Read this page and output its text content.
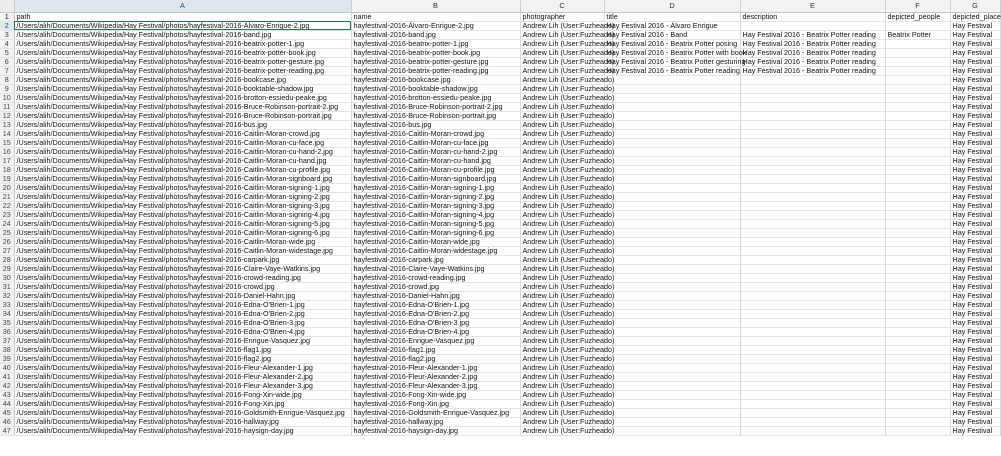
	A	B	C	D	E	F	G
1	path	name	photographer	title	description	depicted_people	depicted_place
2	/Users/alih/Documents/Wikipedia/Hay Festival/photos/hayfestival-2016-Álvaro-Enrigue-2.jpg	hayfestival-2016-Álvaro-Enrigue-2.jpg	Andrew Lih (User:Fuzheado)	Hay Festival 2016 - Álvaro Enrigue			Hay Festival
3	/Users/alih/Documents/Wikipedia/Hay Festival/photos/hayfestival-2016-band.jpg	hayfestival-2016-band.jpg	Andrew Lih (User:Fuzheado)	Hay Festival 2016 - Band	Hay Festival 2016 - Beatrix Potter reading	Beatrix Potter	Hay Festival
4	/Users/alih/Documents/Wikipedia/Hay Festival/photos/hayfestival-2016-beatrix-potter-1.jpg	hayfestival-2016-beatrix-potter-1.jpg	Andrew Lih (User:Fuzheado)	Hay Festival 2016 - Beatrix Potter posing	Hay Festival 2016 - Beatrix Potter reading		Hay Festival
5	/Users/alih/Documents/Wikipedia/Hay Festival/photos/hayfestival-2016-beatrix-potter-book.jpg	hayfestival-2016-beatrix-potter-book.jpg	Andrew Lih (User:Fuzheado)	Hay Festival 2016 - Beatrix Potter with book	Hay Festival 2016 - Beatrix Potter reading		Hay Festival
6	/Users/alih/Documents/Wikipedia/Hay Festival/photos/hayfestival-2016-beatrix-potter-gesture.jpg	hayfestival-2016-beatrix-potter-gesture.jpg	Andrew Lih (User:Fuzheado)	Hay Festival 2016 - Beatrix Potter gesturing	Hay Festival 2016 - Beatrix Potter reading		Hay Festival
7	/Users/alih/Documents/Wikipedia/Hay Festival/photos/hayfestival-2016-beatrix-potter-reading.jpg	hayfestival-2016-beatrix-potter-reading.jpg	Andrew Lih (User:Fuzheado)	Hay Festival 2016 - Beatrix Potter reading	Hay Festival 2016 - Beatrix Potter reading		Hay Festival
8	/Users/alih/Documents/Wikipedia/Hay Festival/photos/hayfestival-2016-bookcase.jpg	hayfestival-2016-bookcase.jpg	Andrew Lih (User:Fuzheado)				Hay Festival
9	/Users/alih/Documents/Wikipedia/Hay Festival/photos/hayfestival-2016-booktable-shadow.jpg	hayfestival-2016-booktable-shadow.jpg	Andrew Lih (User:Fuzheado)				Hay Festival
10	/Users/alih/Documents/Wikipedia/Hay Festival/photos/hayfestival-2016-brotton-essiedu-peake.jpg	hayfestival-2016-brotton-essiedu-peake.jpg	Andrew Lih (User:Fuzheado)				Hay Festival
11	/Users/alih/Documents/Wikipedia/Hay Festival/photos/hayfestival-2016-Bruce-Robinson-portrait-2.jpg	hayfestival-2016-Bruce-Robinson-portrait-2.jpg	Andrew Lih (User:Fuzheado)				Hay Festival
12	/Users/alih/Documents/Wikipedia/Hay Festival/photos/hayfestival-2016-Bruce-Robinson-portrait.jpg	hayfestival-2016-Bruce-Robinson-portrait.jpg	Andrew Lih (User:Fuzheado)				Hay Festival
13	/Users/alih/Documents/Wikipedia/Hay Festival/photos/hayfestival-2016-bus.jpg	hayfestival-2016-bus.jpg	Andrew Lih (User:Fuzheado)				Hay Festival
14	/Users/alih/Documents/Wikipedia/Hay Festival/photos/hayfestival-2016-Caitlin-Moran-crowd.jpg	hayfestival-2016-Caitlin-Moran-crowd.jpg	Andrew Lih (User:Fuzheado)				Hay Festival
15	/Users/alih/Documents/Wikipedia/Hay Festival/photos/hayfestival-2016-Caitlin-Moran-cu-face.jpg	hayfestival-2016-Caitlin-Moran-cu-face.jpg	Andrew Lih (User:Fuzheado)				Hay Festival
16	/Users/alih/Documents/Wikipedia/Hay Festival/photos/hayfestival-2016-Caitlin-Moran-cu-hand-2.jpg	hayfestival-2016-Caitlin-Moran-cu-hand-2.jpg	Andrew Lih (User:Fuzheado)				Hay Festival
17	/Users/alih/Documents/Wikipedia/Hay Festival/photos/hayfestival-2016-Caitlin-Moran-cu-hand.jpg	hayfestival-2016-Caitlin-Moran-cu-hand.jpg	Andrew Lih (User:Fuzheado)				Hay Festival
18	/Users/alih/Documents/Wikipedia/Hay Festival/photos/hayfestival-2016-Caitlin-Moran-cu-profile.jpg	hayfestival-2016-Caitlin-Moran-cu-profile.jpg	Andrew Lih (User:Fuzheado)				Hay Festival
19	/Users/alih/Documents/Wikipedia/Hay Festival/photos/hayfestival-2016-Caitlin-Moran-signboard.jpg	hayfestival-2016-Caitlin-Moran-signboard.jpg	Andrew Lih (User:Fuzheado)				Hay Festival
20	/Users/alih/Documents/Wikipedia/Hay Festival/photos/hayfestival-2016-Caitlin-Moran-signing-1.jpg	hayfestival-2016-Caitlin-Moran-signing-1.jpg	Andrew Lih (User:Fuzheado)				Hay Festival
21	/Users/alih/Documents/Wikipedia/Hay Festival/photos/hayfestival-2016-Caitlin-Moran-signing-2.jpg	hayfestival-2016-Caitlin-Moran-signing-2.jpg	Andrew Lih (User:Fuzheado)				Hay Festival
22	/Users/alih/Documents/Wikipedia/Hay Festival/photos/hayfestival-2016-Caitlin-Moran-signing-3.jpg	hayfestival-2016-Caitlin-Moran-signing-3.jpg	Andrew Lih (User:Fuzheado)				Hay Festival
23	/Users/alih/Documents/Wikipedia/Hay Festival/photos/hayfestival-2016-Caitlin-Moran-signing-4.jpg	hayfestival-2016-Caitlin-Moran-signing-4.jpg	Andrew Lih (User:Fuzheado)				Hay Festival
24	/Users/alih/Documents/Wikipedia/Hay Festival/photos/hayfestival-2016-Caitlin-Moran-signing-5.jpg	hayfestival-2016-Caitlin-Moran-signing-5.jpg	Andrew Lih (User:Fuzheado)				Hay Festival
25	/Users/alih/Documents/Wikipedia/Hay Festival/photos/hayfestival-2016-Caitlin-Moran-signing-6.jpg	hayfestival-2016-Caitlin-Moran-signing-6.jpg	Andrew Lih (User:Fuzheado)				Hay Festival
26	/Users/alih/Documents/Wikipedia/Hay Festival/photos/hayfestival-2016-Caitlin-Moran-wide.jpg	hayfestival-2016-Caitlin-Moran-wide.jpg	Andrew Lih (User:Fuzheado)				Hay Festival
27	/Users/alih/Documents/Wikipedia/Hay Festival/photos/hayfestival-2016-Caitlin-Moran-widestage.jpg	hayfestival-2016-Caitlin-Moran-widestage.jpg	Andrew Lih (User:Fuzheado)				Hay Festival
28	/Users/alih/Documents/Wikipedia/Hay Festival/photos/hayfestival-2016-carpark.jpg	hayfestival-2016-carpark.jpg	Andrew Lih (User:Fuzheado)				Hay Festival
29	/Users/alih/Documents/Wikipedia/Hay Festival/photos/hayfestival-2016-Claire-Vaye-Watkins.jpg	hayfestival-2016-Claire-Vaye-Watkins.jpg	Andrew Lih (User:Fuzheado)				Hay Festival
30	/Users/alih/Documents/Wikipedia/Hay Festival/photos/hayfestival-2016-crowd-reading.jpg	hayfestival-2016-crowd-reading.jpg	Andrew Lih (User:Fuzheado)				Hay Festival
31	/Users/alih/Documents/Wikipedia/Hay Festival/photos/hayfestival-2016-crowd.jpg	hayfestival-2016-crowd.jpg	Andrew Lih (User:Fuzheado)				Hay Festival
32	/Users/alih/Documents/Wikipedia/Hay Festival/photos/hayfestival-2016-Daniel-Hahn.jpg	hayfestival-2016-Daniel-Hahn.jpg	Andrew Lih (User:Fuzheado)				Hay Festival
33	/Users/alih/Documents/Wikipedia/Hay Festival/photos/hayfestival-2016-Edna-O'Brien-1.jpg	hayfestival-2016-Edna-O'Brien-1.jpg	Andrew Lih (User:Fuzheado)				Hay Festival
34	/Users/alih/Documents/Wikipedia/Hay Festival/photos/hayfestival-2016-Edna-O'Brien-2.jpg	hayfestival-2016-Edna-O'Brien-2.jpg	Andrew Lih (User:Fuzheado)				Hay Festival
35	/Users/alih/Documents/Wikipedia/Hay Festival/photos/hayfestival-2016-Edna-O'Brien-3.jpg	hayfestival-2016-Edna-O'Brien-3.jpg	Andrew Lih (User:Fuzheado)				Hay Festival
36	/Users/alih/Documents/Wikipedia/Hay Festival/photos/hayfestival-2016-Edna-O'Brien-4.jpg	hayfestival-2016-Edna-O'Brien-4.jpg	Andrew Lih (User:Fuzheado)				Hay Festival
37	/Users/alih/Documents/Wikipedia/Hay Festival/photos/hayfestival-2016-Enrigue-Vasquez.jpg	hayfestival-2016-Enrigue-Vasquez.jpg	Andrew Lih (User:Fuzheado)				Hay Festival
38	/Users/alih/Documents/Wikipedia/Hay Festival/photos/hayfestival-2016-flag1.jpg	hayfestival-2016-flag1.jpg	Andrew Lih (User:Fuzheado)				Hay Festival
39	/Users/alih/Documents/Wikipedia/Hay Festival/photos/hayfestival-2016-flag2.jpg	hayfestival-2016-flag2.jpg	Andrew Lih (User:Fuzheado)				Hay Festival
40	/Users/alih/Documents/Wikipedia/Hay Festival/photos/hayfestival-2016-Fleur-Alexander-1.jpg	hayfestival-2016-Fleur-Alexander-1.jpg	Andrew Lih (User:Fuzheado)				Hay Festival
41	/Users/alih/Documents/Wikipedia/Hay Festival/photos/hayfestival-2016-Fleur-Alexander-2.jpg	hayfestival-2016-Fleur-Alexander-2.jpg	Andrew Lih (User:Fuzheado)				Hay Festival
42	/Users/alih/Documents/Wikipedia/Hay Festival/photos/hayfestival-2016-Fleur-Alexander-3.jpg	hayfestival-2016-Fleur-Alexander-3.jpg	Andrew Lih (User:Fuzheado)				Hay Festival
43	/Users/alih/Documents/Wikipedia/Hay Festival/photos/hayfestival-2016-Fong-Xin-wide.jpg	hayfestival-2016-Fong-Xin-wide.jpg	Andrew Lih (User:Fuzheado)				Hay Festival
44	/Users/alih/Documents/Wikipedia/Hay Festival/photos/hayfestival-2016-Fong-Xin.jpg	hayfestival-2016-Fong-Xin.jpg	Andrew Lih (User:Fuzheado)				Hay Festival
45	/Users/alih/Documents/Wikipedia/Hay Festival/photos/hayfestival-2016-Goldsmith-Enrigue-Vasquez.jpg	hayfestival-2016-Goldsmith-Enrigue-Vasquez.jpg	Andrew Lih (User:Fuzheado)				Hay Festival
46	/Users/alih/Documents/Wikipedia/Hay Festival/photos/hayfestival-2016-hallway.jpg	hayfestival-2016-hallway.jpg	Andrew Lih (User:Fuzheado)				Hay Festival
47	/Users/alih/Documents/Wikipedia/Hay Festival/photos/hayfestival-2016-haysign-day.jpg	hayfestival-2016-haysign-day.jpg	Andrew Lih (User:Fuzheado)				Hay Festival
